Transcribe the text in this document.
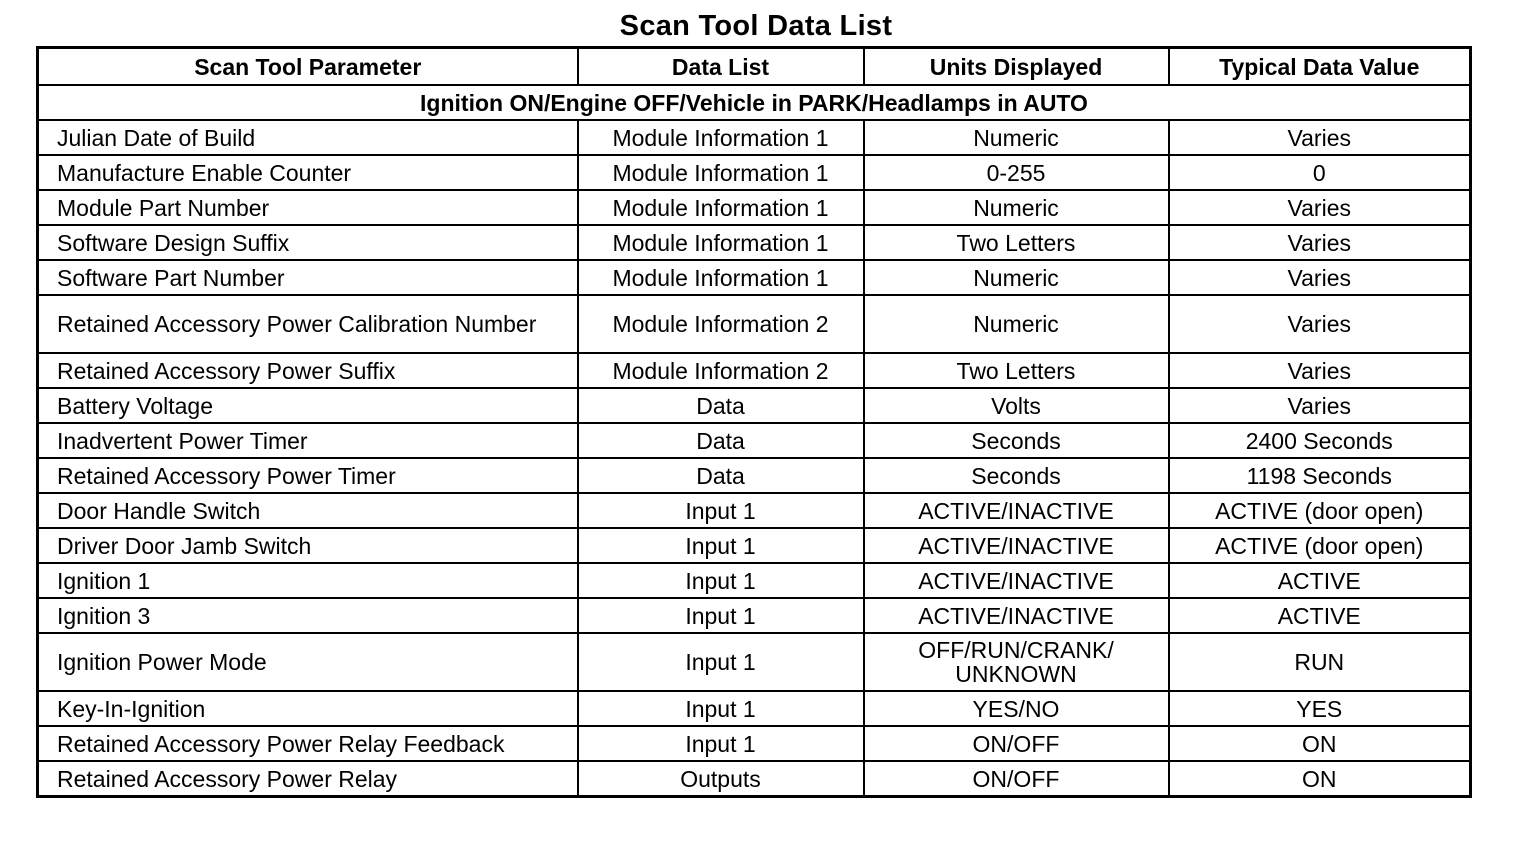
Scan Tool Data List
Scan Tool Parameter	Data List	Units Displayed	Typical Data Value
Ignition ON/Engine OFF/Vehicle in PARK/Headlamps in AUTO			
Julian Date of Build	Module Information 1	Numeric	Varies
Manufacture Enable Counter	Module Information 1	0-255	0
Module Part Number	Module Information 1	Numeric	Varies
Software Design Suffix	Module Information 1	Two Letters	Varies
Software Part Number	Module Information 1	Numeric	Varies
Retained Accessory Power Calibration Number	Module Information 2	Numeric	Varies
Retained Accessory Power Suffix	Module Information 2	Two Letters	Varies
Battery Voltage	Data	Volts	Varies
Inadvertent Power Timer	Data	Seconds	2400 Seconds
Retained Accessory Power Timer	Data	Seconds	1198 Seconds
Door Handle Switch	Input 1	ACTIVE/INACTIVE	ACTIVE (door open)
Driver Door Jamb Switch	Input 1	ACTIVE/INACTIVE	ACTIVE (door open)
Ignition 1	Input 1	ACTIVE/INACTIVE	ACTIVE
Ignition 3	Input 1	ACTIVE/INACTIVE	ACTIVE
Ignition Power Mode	Input 1	OFF/RUN/CRANK/ UNKNOWN	RUN
Key-In-Ignition	Input 1	YES/NO	YES
Retained Accessory Power Relay Feedback	Input 1	ON/OFF	ON
Retained Accessory Power Relay	Outputs	ON/OFF	ON
